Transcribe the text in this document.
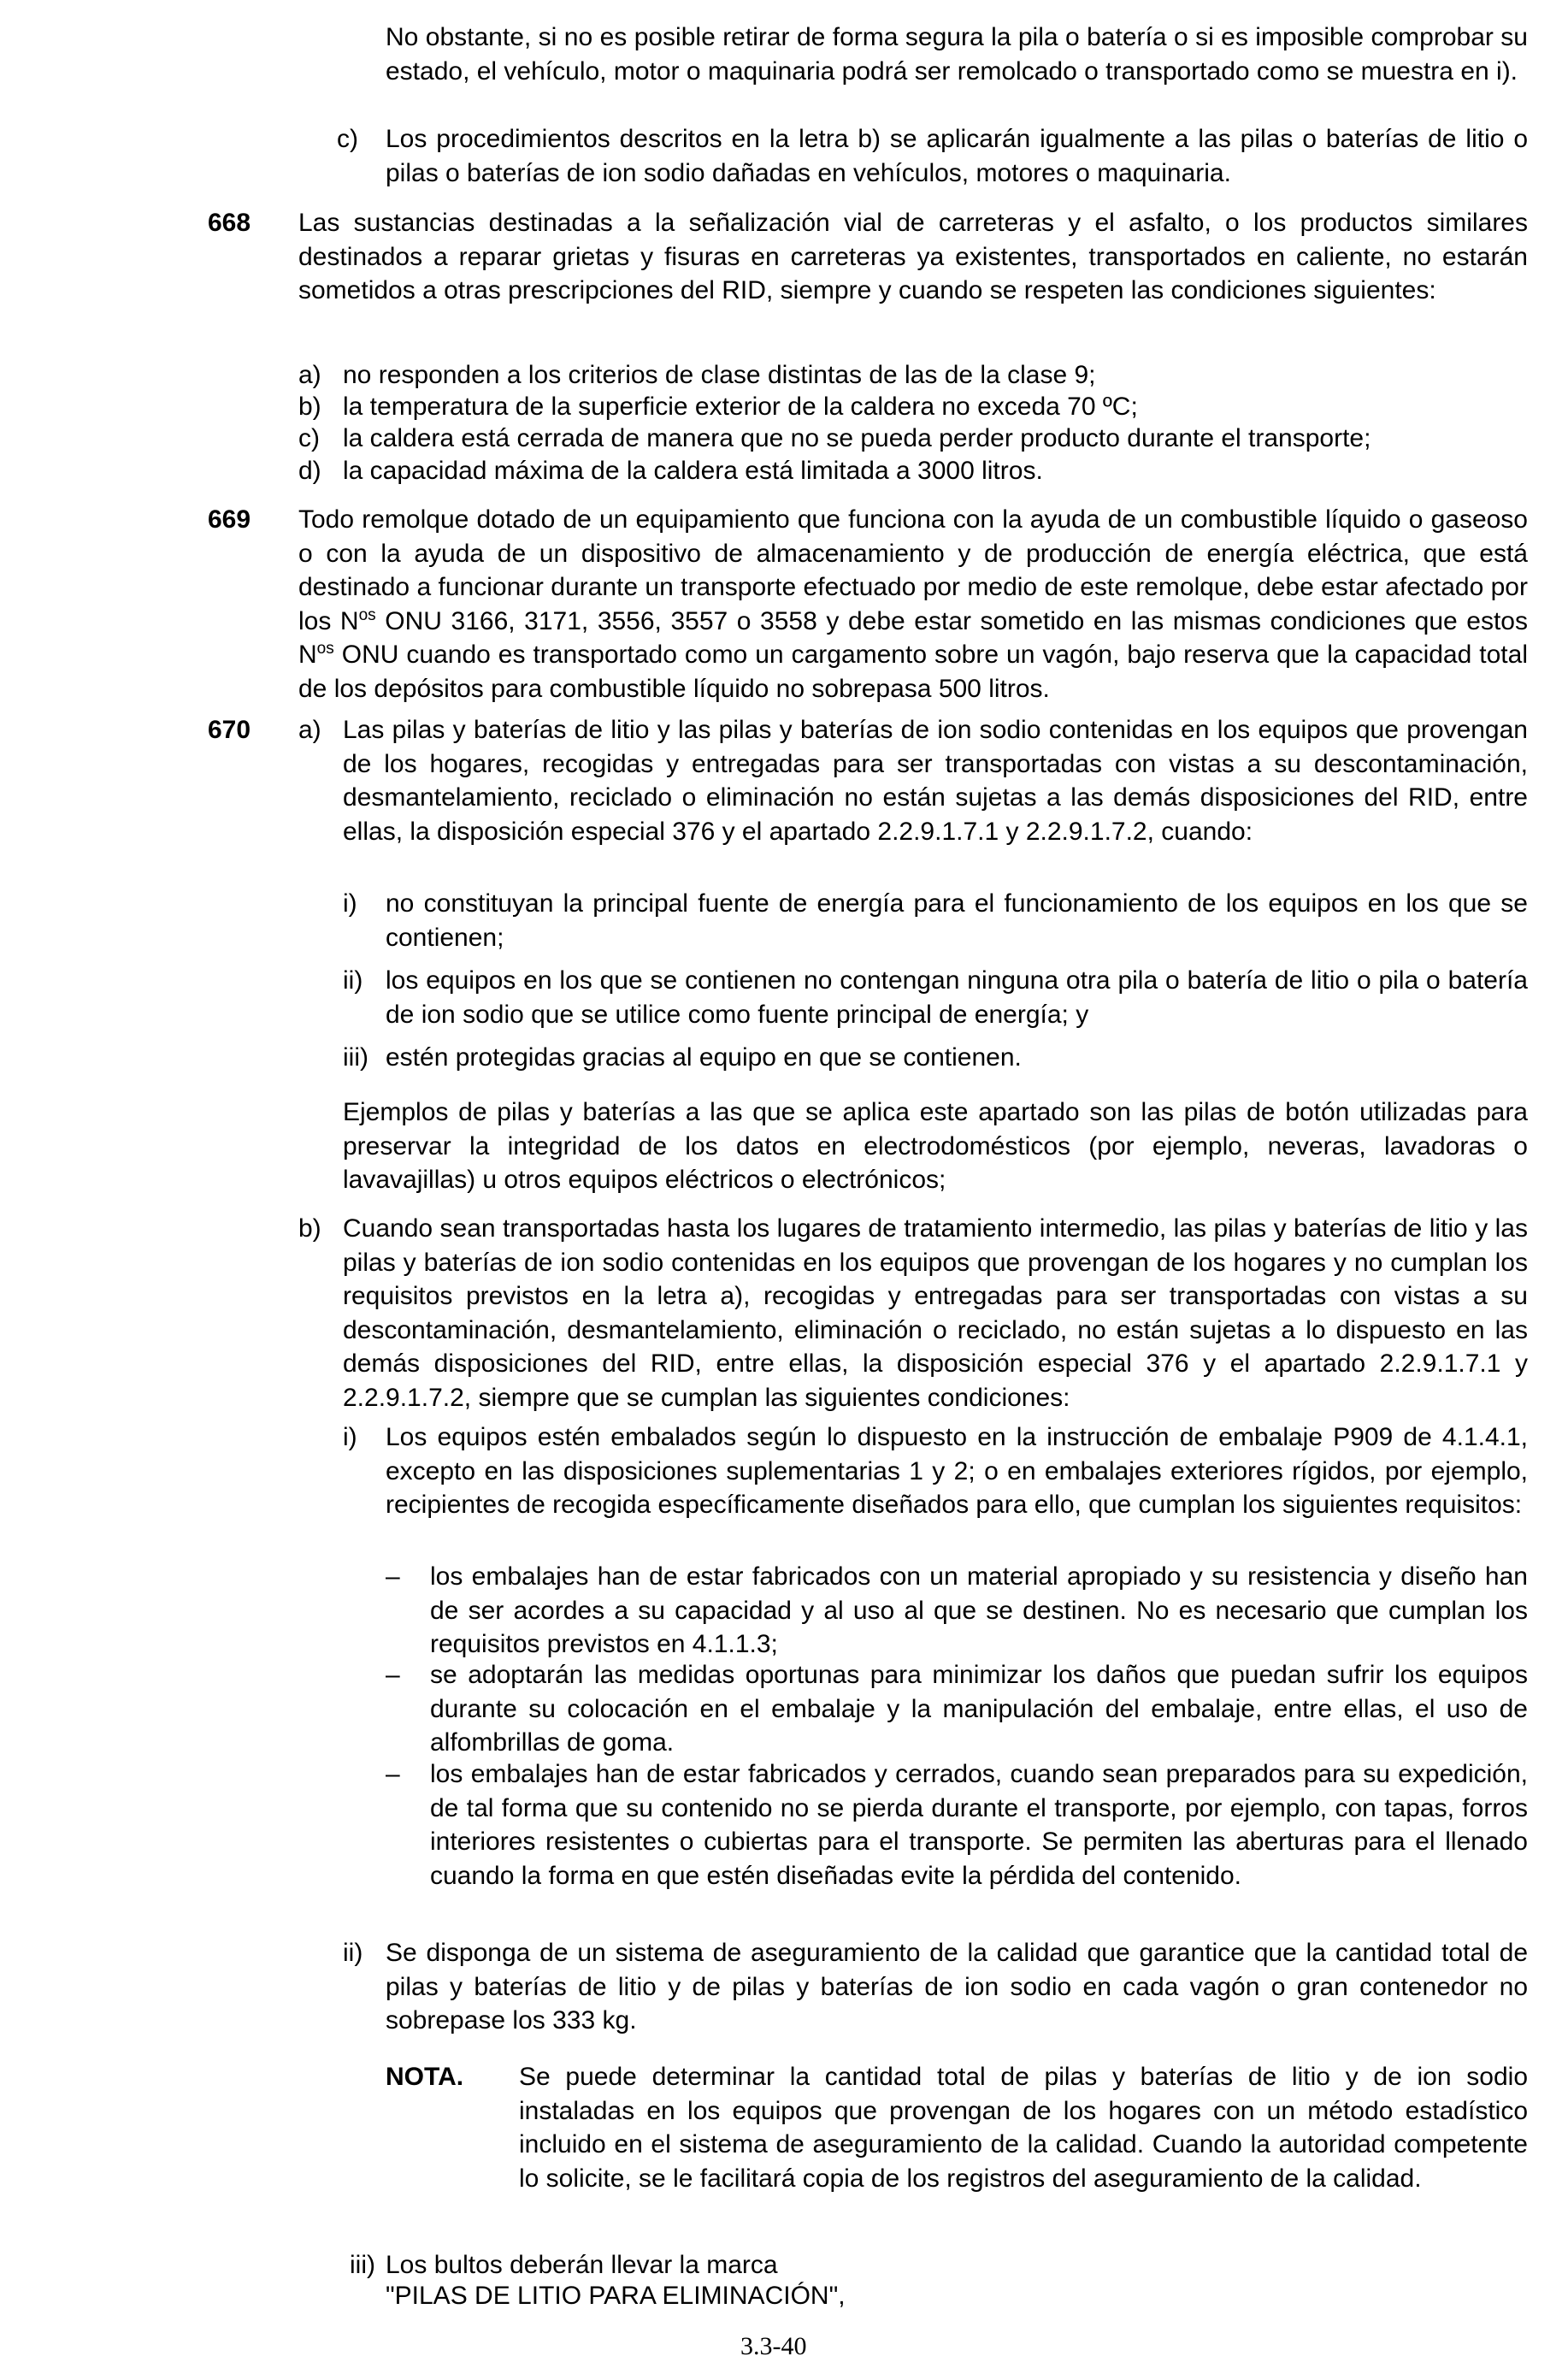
No obstante, si no es posible retirar de forma segura la pila o batería o si es imposible comprobar su estado, el vehículo, motor o maquinaria podrá ser remolcado o transportado como se muestra en i).

c) Los procedimientos descritos en la letra b) se aplicarán igualmente a las pilas o baterías de litio o pilas o baterías de ion sodio dañadas en vehículos, motores o maquinaria.

668 Las sustancias destinadas a la señalización vial de carreteras y el asfalto, o los productos similares destinados a reparar grietas y fisuras en carreteras ya existentes, transportados en caliente, no estarán sometidos a otras prescripciones del RID, siempre y cuando se respeten las condiciones siguientes:

a) no responden a los criterios de clase distintas de las de la clase 9;

b) la temperatura de la superficie exterior de la caldera no exceda 70 ºC;

c) la caldera está cerrada de manera que no se pueda perder producto durante el transporte;

d) la capacidad máxima de la caldera está limitada a 3000 litros.

669 Todo remolque dotado de un equipamiento que funciona con la ayuda de un combustible líquido o gaseoso o con la ayuda de un dispositivo de almacenamiento y de producción de energía eléctrica, que está destinado a funcionar durante un transporte efectuado por medio de este remolque, debe estar afectado por los $N^{os}$ ONU 3166, 3171, 3556, 3557 o 3558 y debe estar sometido en las mismas condiciones que estos $N^{os}$ ONU cuando es transportado como un cargamento sobre un vagón, bajo reserva que la capacidad total de los depósitos para combustible líquido no sobrepasa 500 litros.

670 a) Las pilas y baterías de litio y las pilas y baterías de ion sodio contenidas en los equipos que provengan de los hogares, recogidas y entregadas para ser transportadas con vistas a su descontaminación, desmantelamiento, reciclado o eliminación no están sujetas a las demás disposiciones del RID, entre ellas, la disposición especial 376 y el apartado 2.2.9.1.7.1 y 2.2.9.1.7.2, cuando:

i) no constituyan la principal fuente de energía para el funcionamiento de los equipos en los que se contienen;

ii) los equipos en los que se contienen no contengan ninguna otra pila o batería de litio o pila o batería de ion sodio que se utilice como fuente principal de energía; y

iii) estén protegidas gracias al equipo en que se contienen.

Ejemplos de pilas y baterías a las que se aplica este apartado son las pilas de botón utilizadas para preservar la integridad de los datos en electrodomésticos (por ejemplo, neveras, lavadoras o lavavajillas) u otros equipos eléctricos o electrónicos;

b) Cuando sean transportadas hasta los lugares de tratamiento intermedio, las pilas y baterías de litio y las pilas y baterías de ion sodio contenidas en los equipos que provengan de los hogares y no cumplan los requisitos previstos en la letra a), recogidas y entregadas para ser transportadas con vistas a su descontaminación, desmantelamiento, eliminación o reciclado, no están sujetas a lo dispuesto en las demás disposiciones del RID, entre ellas, la disposición especial 376 y el apartado 2.2.9.1.7.1 y 2.2.9.1.7.2, siempre que se cumplan las siguientes condiciones:

i) Los equipos estén embalados según lo dispuesto en la instrucción de embalaje P909 de 4.1.4.1, excepto en las disposiciones suplementarias 1 y 2; o en embalajes exteriores rígidos, por ejemplo, recipientes de recogida específicamente diseñados para ello, que cumplan los siguientes requisitos:

– los embalajes han de estar fabricados con un material apropiado y su resistencia y diseño han de ser acordes a su capacidad y al uso al que se destinen. No es necesario que cumplan los requisitos previstos en 4.1.1.3;

– se adoptarán las medidas oportunas para minimizar los daños que puedan sufrir los equipos durante su colocación en el embalaje y la manipulación del embalaje, entre ellas, el uso de alfombrillas de goma.

– los embalajes han de estar fabricados y cerrados, cuando sean preparados para su expedición, de tal forma que su contenido no se pierda durante el transporte, por ejemplo, con tapas, forros interiores resistentes o cubiertas para el transporte. Se permiten las aberturas para el llenado cuando la forma en que estén diseñadas evite la pérdida del contenido.

ii) Se disponga de un sistema de aseguramiento de la calidad que garantice que la cantidad total de pilas y baterías de litio y de pilas y baterías de ion sodio en cada vagón o gran contenedor no sobrepase los 333 kg.

NOTA. Se puede determinar la cantidad total de pilas y baterías de litio y de ion sodio instaladas en los equipos que provengan de los hogares con un método estadístico incluido en el sistema de aseguramiento de la calidad. Cuando la autoridad competente lo solicite, se le facilitará copia de los registros del aseguramiento de la calidad.

iii) Los bultos deberán llevar la marca

"PILAS DE LITIO PARA ELIMINACIÓN",

3.3-40
